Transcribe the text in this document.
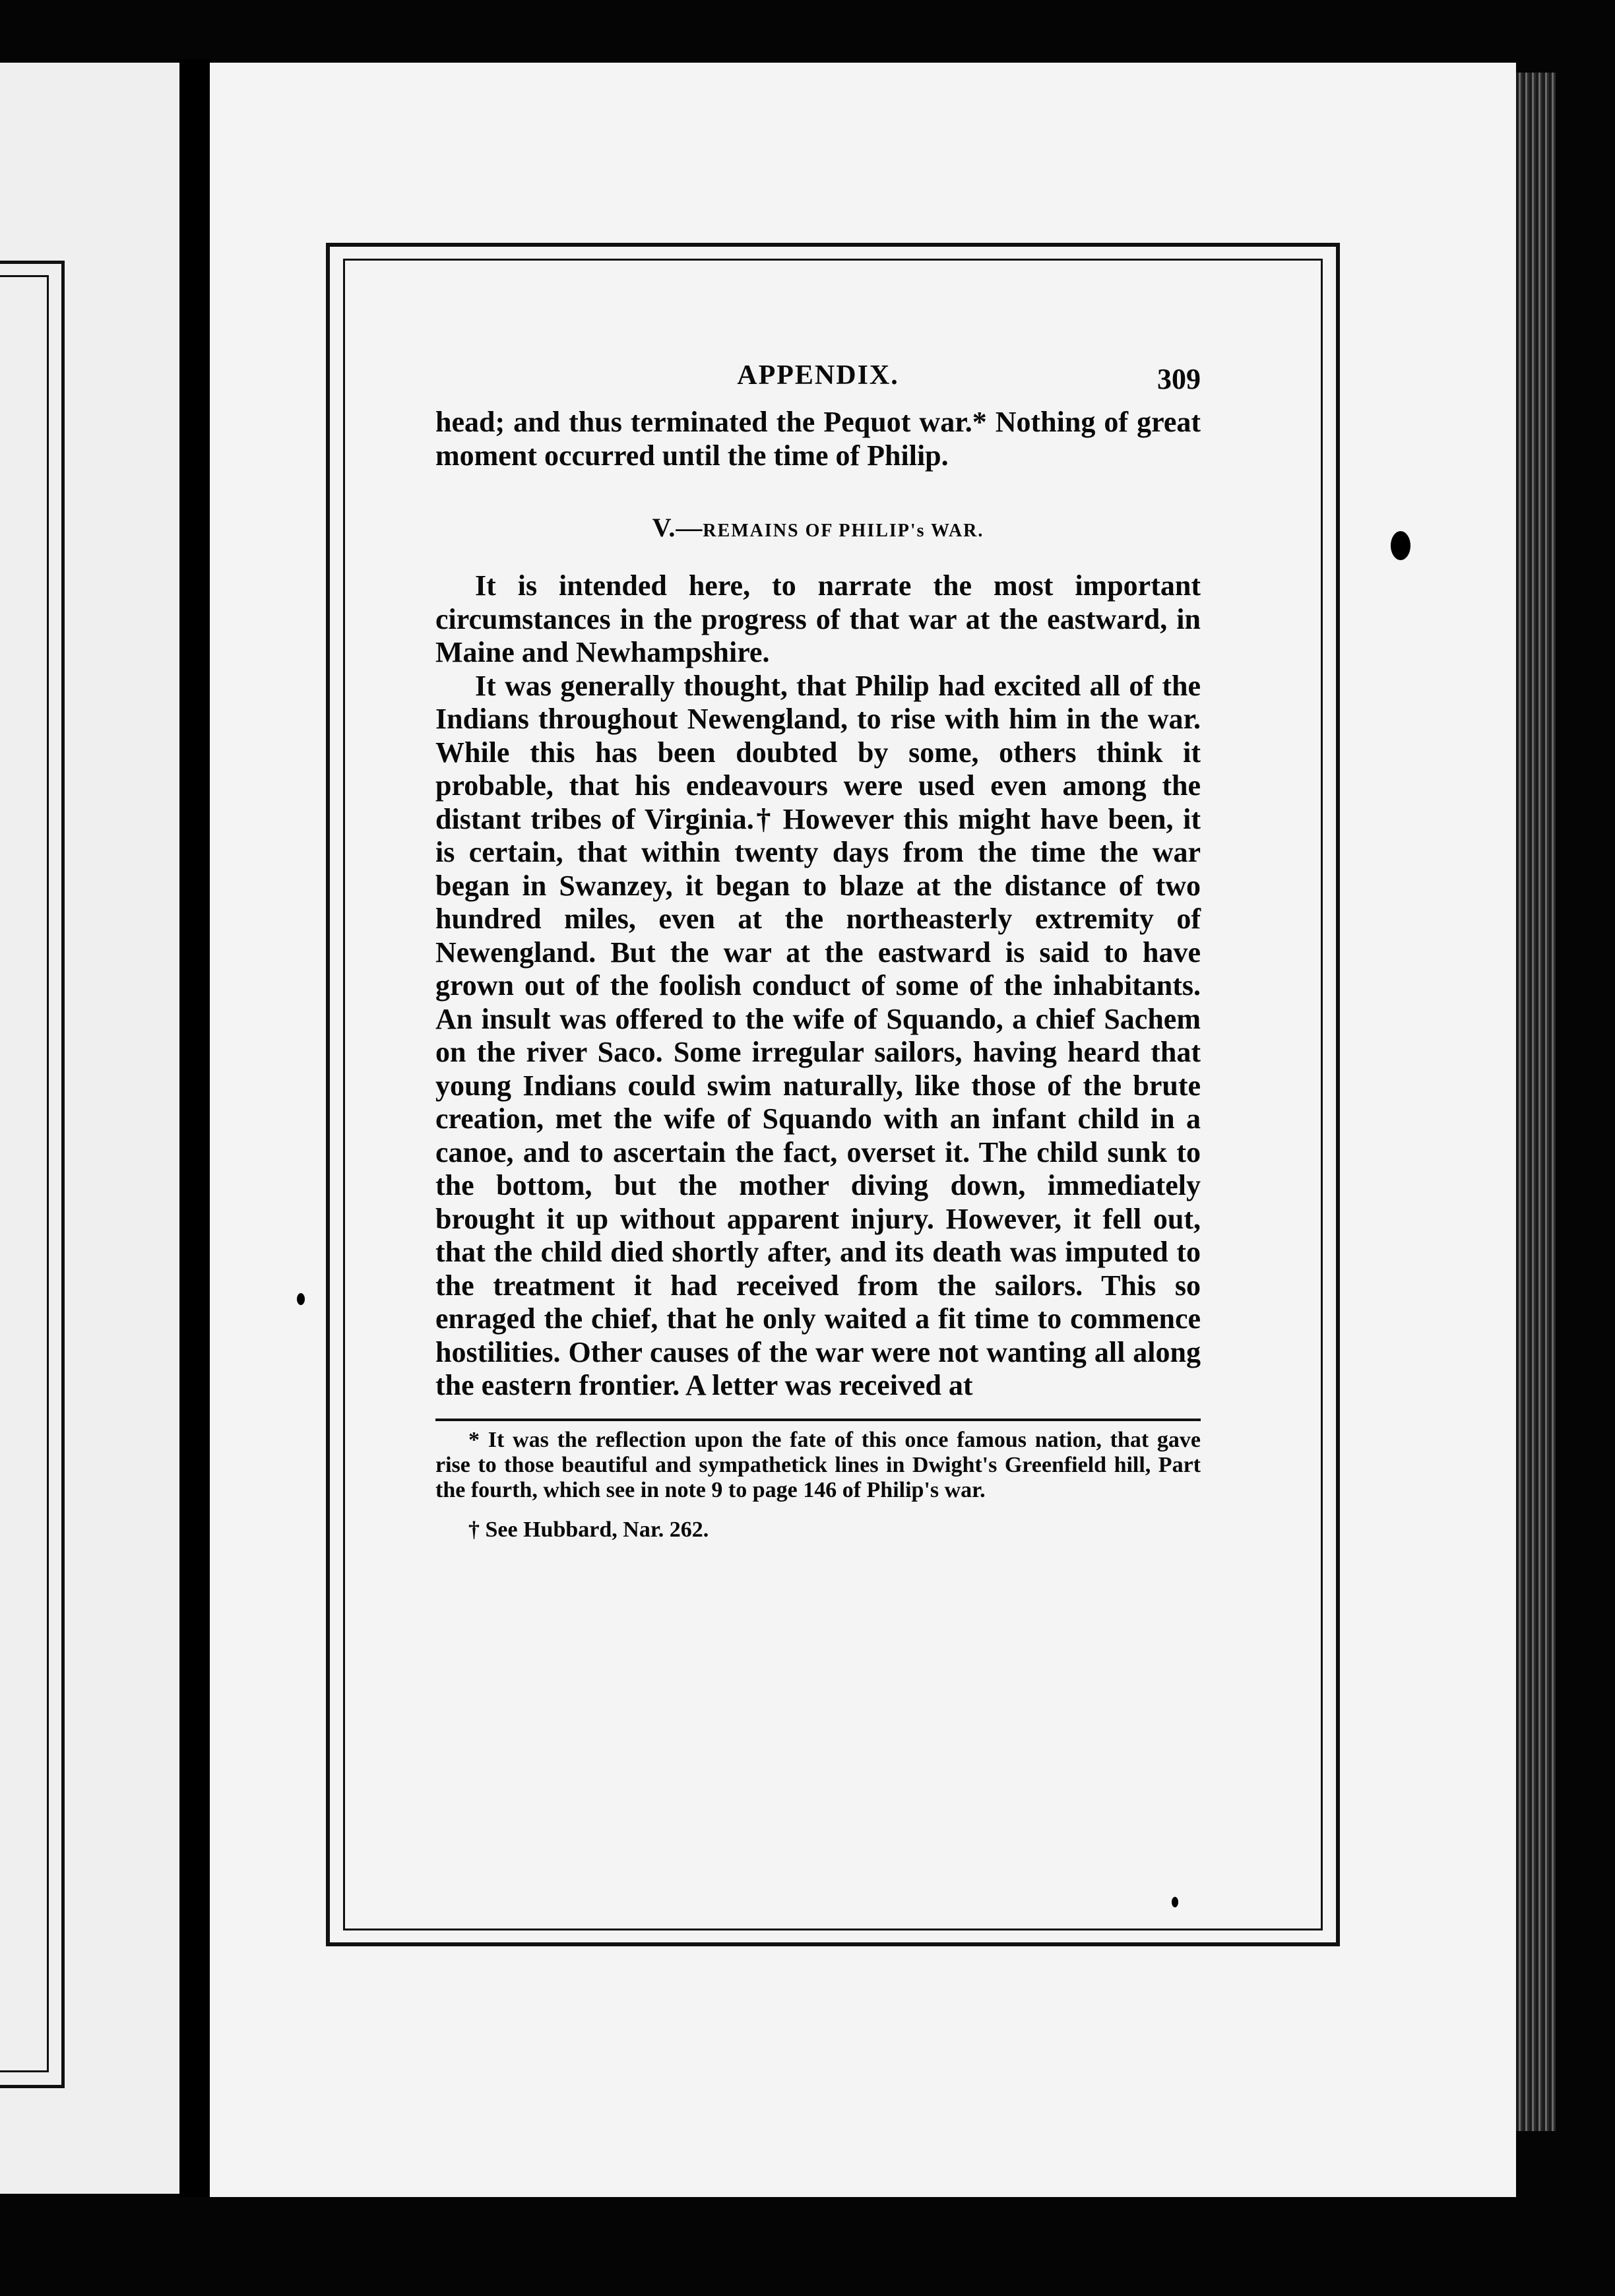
APPENDIX.	309

head; and thus terminated the Pequot war.* Nothing of great moment occurred until the time of Philip.

V.—REMAINS OF PHILIP's WAR.

It is intended here, to narrate the most important circumstances in the progress of that war at the eastward, in Maine and Newhampshire.

It was generally thought, that Philip had excited all of the Indians throughout Newengland, to rise with him in the war. While this has been doubted by some, others think it probable, that his endeavours were used even among the distant tribes of Virginia.† However this might have been, it is certain, that within twenty days from the time the war began in Swanzey, it began to blaze at the distance of two hundred miles, even at the northeasterly extremity of Newengland. But the war at the eastward is said to have grown out of the foolish conduct of some of the inhabitants. An insult was offered to the wife of Squando, a chief Sachem on the river Saco. Some irregular sailors, having heard that young Indians could swim naturally, like those of the brute creation, met the wife of Squando with an infant child in a canoe, and to ascertain the fact, overset it. The child sunk to the bottom, but the mother diving down, immediately brought it up without apparent injury. However, it fell out, that the child died shortly after, and its death was imputed to the treatment it had received from the sailors. This so enraged the chief, that he only waited a fit time to commence hostilities. Other causes of the war were not wanting all along the eastern frontier. A letter was received at

* It was the reflection upon the fate of this once famous nation, that gave rise to those beautiful and sympathetick lines in Dwight's Greenfield hill, Part the fourth, which see in note 9 to page 146 of Philip's war.

† See Hubbard, Nar. 262.
